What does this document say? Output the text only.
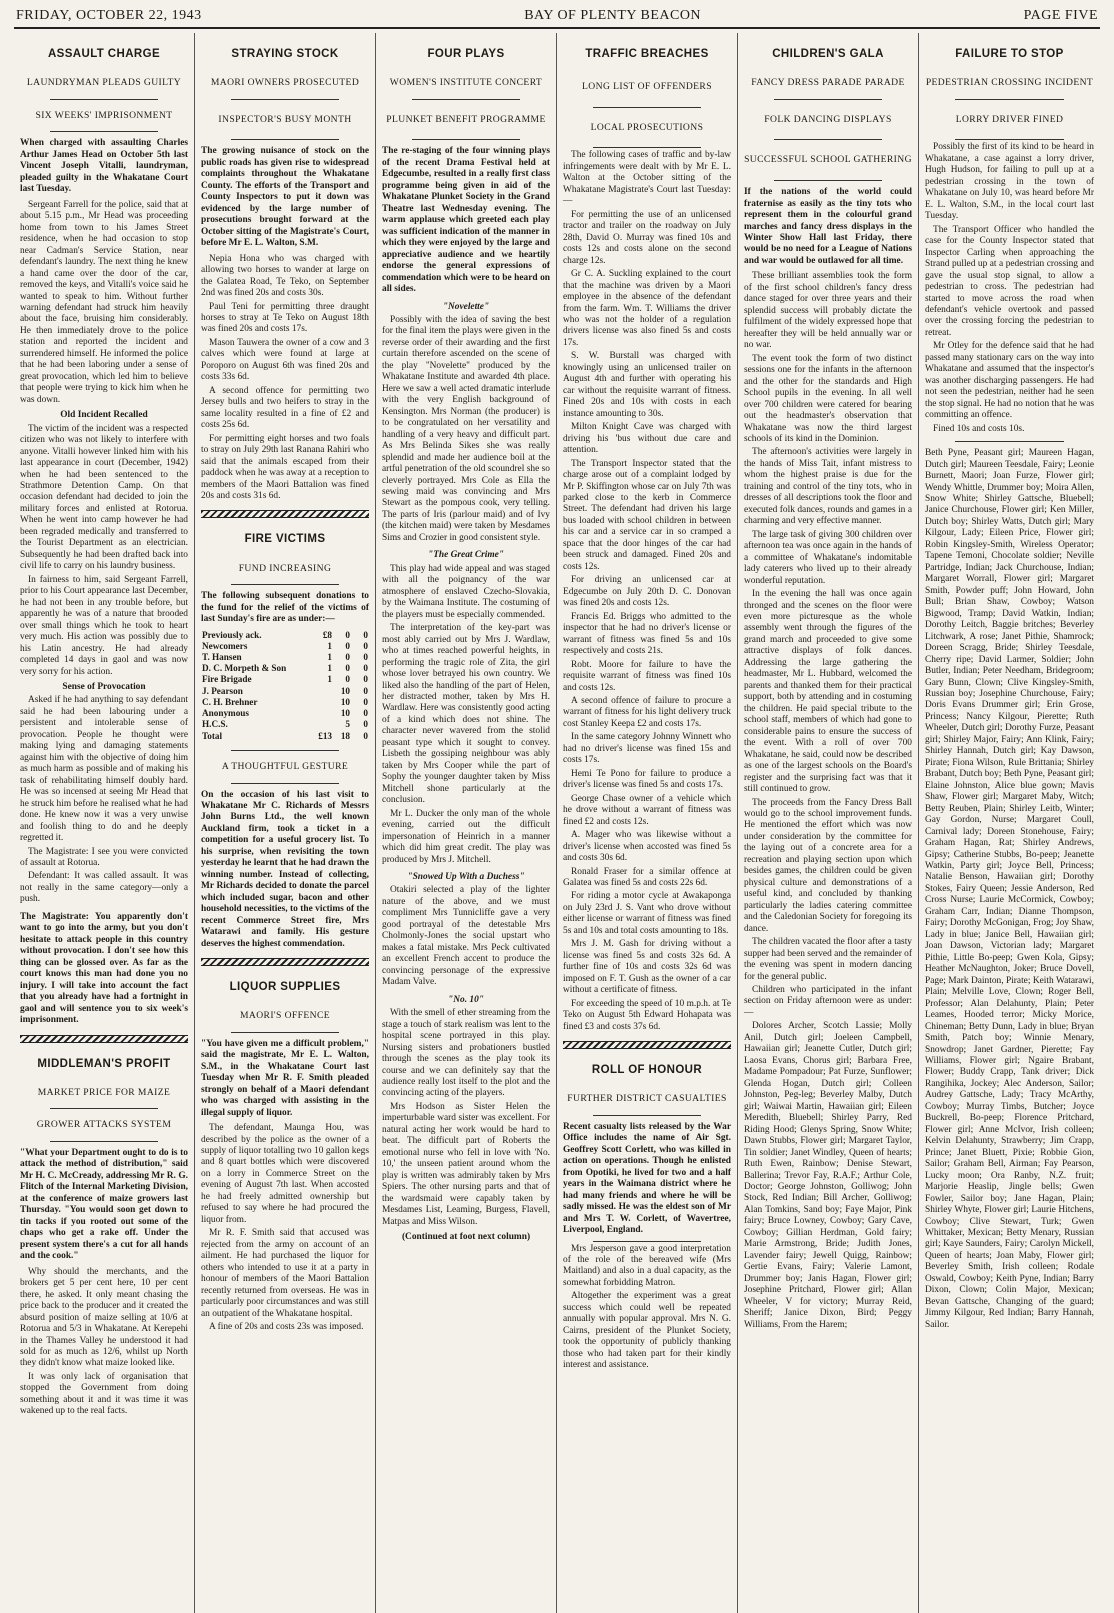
FRIDAY, OCTOBER 22, 1943	BAY OF PLENTY BEACON	PAGE FIVE
ASSAULT CHARGE
LAUNDRYMAN PLEADS GUILTY
SIX WEEKS' IMPRISONMENT
When charged with assaulting Charles Arthur James Head on October 5th last Vincent Joseph Vitalli, laundryman, pleaded guilty in the Whakatane Court last Tuesday.

Sergeant Farrell for the police, said that at about 5.15 p.m., Mr Head was proceeding home from town to his James Street residence, when he had occasion to stop near Cadman's Service Station, near defendant's laundry. The next thing he knew a hand came over the door of the car, removed the keys, and Vitalli's voice said he wanted to speak to him. Without further warning defendant had struck him heavily about the face, bruising him considerably. He then immediately drove to the police station and reported the incident and surrendered himself. He informed the police that he had been laboring under a sense of great provocation, which led him to believe that people were trying to kick him when he was down.

Old Incident Recalled

The victim of the incident was a respected citizen who was not likely to interfere with anyone. Vitalli however linked him with his last appearance in court (December, 1942) when he had been sentenced to the Strathmore Detention Camp. On that occasion defendant had decided to join the military forces and enlisted at Rotorua. When he went into camp however he had been regraded medically and transferred to the Tourist Department as an electrician. Subsequently he had been drafted back into civil life to carry on his laundry business.

In fairness to him, said Sergeant Farrell, prior to his Court appearance last December, he had not been in any trouble before, but apparently he was of a nature that brooded over small things which he took to heart very much. His action was possibly due to his Latin ancestry. He had already completed 14 days in gaol and was now very sorry for his action.

Sense of Provocation

Asked if he had anything to say defendant said he had been labouring under a persistent and intolerable sense of provocation. People he thought were making lying and damaging statements against him with the objective of doing him as much harm as possible and of making his task of rehabilitating himself doubly hard. He was so incensed at seeing Mr Head that he struck him before he realised what he had done. He knew now it was a very unwise and foolish thing to do and he deeply regretted it.

The Magistrate: I see you were convicted of assault at Rotorua.

Defendant: It was called assault. It was not really in the same category—only a push.

The Magistrate: You apparently don't want to go into the army, but you don't hesitate to attack people in this country without provocation. I don't see how this thing can be glossed over. As far as the court knows this man had done you no injury. I will take into account the fact that you already have had a fortnight in gaol and will sentence you to six week's imprisonment.
MIDDLEMAN'S PROFIT
MARKET PRICE FOR MAIZE
GROWER ATTACKS SYSTEM
"What your Department ought to do is to attack the method of distribution," said Mr H. C. McCready, addressing Mr R. G. Flitch of the Internal Marketing Division, at the conference of maize growers last Thursday. "You would soon get down to tin tacks if you rooted out some of the chaps who get a rake off. Under the present system there's a cut for all hands and the cook."

Why should the merchants, and the brokers get 5 per cent here, 10 per cent there, he asked. It only meant chasing the price back to the producer and it created the absurd position of maize selling at 10/6 at Rotorua and 5/3 in Whakatane. At Kerepehi in the Thames Valley he understood it had sold for as much as 12/6, whilst up North they didn't know what maize looked like.

It was only lack of organisation that stopped the Government from doing something about it and it was time it was wakened up to the real facts.

STRAYING STOCK
MAORI OWNERS PROSECUTED
INSPECTOR'S BUSY MONTH
The growing nuisance of stock on the public roads has given rise to widespread complaints throughout the Whakatane County. The efforts of the Transport and County Inspectors to put it down was evidenced by the large number of prosecutions brought forward at the October sitting of the Magistrate's Court, before Mr E. L. Walton, S.M.

Nepia Hona who was charged with allowing two horses to wander at large on the Galatea Road, Te Teko, on September 2nd was fined 20s and costs 30s.

Paul Teni for permitting three draught horses to stray at Te Teko on August 18th was fined 20s and costs 17s.

Mason Tauwera the owner of a cow and 3 calves which were found at large at Poroporo on August 6th was fined 20s and costs 33s 6d.

A second offence for permitting two Jersey bulls and two heifers to stray in the same locality resulted in a fine of £2 and costs 25s 6d.

For permitting eight horses and two foals to stray on July 29th last Ranana Rahiri who said that the animals escaped from their paddock when he was away at a reception to members of the Maori Battalion was fined 20s and costs 31s 6d.

FIRE VICTIMS
FUND INCREASING
The following subsequent donations to the fund for the relief of the victims of last Sunday's fire are as under:—
Previously ack.	£8	0	0
Newcomers	1	0	0
T. Hansen	1	0	0
D. C. Morpeth & Son	1	0	0
Fire Brigade	1	0	0
J. Pearson		10	0
C. H. Brehner		10	0
Anonymous		10	0
H.C.S.		5	0
Total	£13	18	0
A THOUGHTFUL GESTURE
On the occasion of his last visit to Whakatane Mr C. Richards of Messrs John Burns Ltd., the well known Auckland firm, took a ticket in a competition for a useful grocery list. To his surprise, when revisiting the town yesterday he learnt that he had drawn the winning number. Instead of collecting, Mr Richards decided to donate the parcel which included sugar, bacon and other household necessities, to the victims of the recent Commerce Street fire, Mrs Watarawi and family. His gesture deserves the highest commendation.
LIQUOR SUPPLIES
MAORI'S OFFENCE
"You have given me a difficult problem," said the magistrate, Mr E. L. Walton, S.M., in the Whakatane Court last Tuesday when Mr R. F. Smith pleaded strongly on behalf of a Maori defendant who was charged with assisting in the illegal supply of liquor.

The defendant, Maunga Hou, was described by the police as the owner of a supply of liquor totalling two 10 gallon kegs and 8 quart bottles which were discovered on a lorry in Commerce Street on the evening of August 7th last. When accosted he had freely admitted ownership but refused to say where he had procured the liquor from.

Mr R. F. Smith said that accused was rejected from the army on account of an ailment. He had purchased the liquor for others who intended to use it at a party in honour of members of the Maori Battalion recently returned from overseas. He was in particularly poor circumstances and was still an outpatient of the Whakatane hospital.

A fine of 20s and costs 23s was imposed.

FOUR PLAYS
WOMEN'S INSTITUTE CONCERT
PLUNKET BENEFIT PROGRAMME
The re-staging of the four winning plays of the recent Drama Festival held at Edgecumbe, resulted in a really first class programme being given in aid of the Whakatane Plunket Society in the Grand Theatre last Wednesday evening. The warm applause which greeted each play was sufficient indication of the manner in which they were enjoyed by the large and appreciative audience and we heartily endorse the general expressions of commendation which were to be heard on all sides.
"Novelette"

Possibly with the idea of saving the best for the final item the plays were given in the reverse order of their awarding and the first curtain therefore ascended on the scene of the play "Novelette" produced by the Whakatane Institute and awarded 4th place. Here we saw a well acted dramatic interlude with the very English background of Kensington. Mrs Norman (the producer) is to be congratulated on her versatility and handling of a very heavy and difficult part. As Mrs Belinda Sikes she was really splendid and made her audience boil at the artful penetration of the old scoundrel she so cleverly portrayed. Mrs Cole as Ella the sewing maid was convincing and Mrs Stewart as the pompous cook, very telling. The parts of Iris (parlour maid) and of Ivy (the kitchen maid) were taken by Mesdames Sims and Crozier in good consistent style.

"The Great Crime"

This play had wide appeal and was staged with all the poignancy of the war atmosphere of enslaved Czecho-Slovakia, by the Waimana Institute. The costuming of the players must be especially commended.

The interpretation of the key-part was most ably carried out by Mrs J. Wardlaw, who at times reached powerful heights, in performing the tragic role of Zita, the girl whose lover betrayed his own country. We liked also the handling of the part of Helen, her distracted mother, taken by Mrs H. Wardlaw. Here was consistently good acting of a kind which does not shine. The character never wavered from the stolid peasant type which it sought to convey. Lisbeth the gossiping neighbour was ably taken by Mrs Cooper while the part of Sophy the younger daughter taken by Miss Mitchell shone particularly at the conclusion.

Mr L. Ducker the only man of the whole evening, carried out the difficult impersonation of Heinrich in a manner which did him great credit. The play was produced by Mrs J. Mitchell.

"Snowed Up With a Duchess"

Otakiri selected a play of the lighter nature of the above, and we must compliment Mrs Tunnicliffe gave a very good portrayal of the detestable Mrs Cholmonly-Jones the social upstart who makes a fatal mistake. Mrs Peck cultivated an excellent French accent to produce the convincing personage of the expressive Madam Valve.

"No. 10"

With the smell of ether streaming from the stage a touch of stark realism was lent to the hospital scene portrayed in this play. Nursing sisters and probationers bustled through the scenes as the play took its course and we can definitely say that the audience really lost itself to the plot and the convincing acting of the players.

Mrs Hodson as Sister Helen the imperturbable ward sister was excellent. For natural acting her work would be hard to beat. The difficult part of Roberts the emotional nurse who fell in love with 'No. 10,' the unseen patient around whom the play is written was admirably taken by Mrs Spiers. The other nursing parts and that of the wardsmaid were capably taken by Mesdames List, Leaming, Burgess, Flavell, Matpas and Miss Wilson.

(Continued at foot next column)
TRAFFIC BREACHES
LONG LIST OF OFFENDERS
LOCAL PROSECUTIONS

The following cases of traffic and by-law infringements were dealt with by Mr E. L. Walton at the October sitting of the Whakatane Magistrate's Court last Tuesday:—

For permitting the use of an unlicensed tractor and trailer on the roadway on July 28th, David O. Murray was fined 10s and costs 12s and costs alone on the second charge 12s.

Gr C. A. Suckling explained to the court that the machine was driven by a Maori employee in the absence of the defendant from the farm. Wm. T. Williams the driver who was not the holder of a regulation drivers license was also fined 5s and costs 17s.

S. W. Burstall was charged with knowingly using an unlicensed trailer on August 4th and further with operating his car without the requisite warrant of fitness. Fined 20s and 10s with costs in each instance amounting to 30s.

Milton Knight Cave was charged with driving his 'bus without due care and attention.

The Transport Inspector stated that the charge arose out of a complaint lodged by Mr P. Skiffington whose car on July 7th was parked close to the kerb in Commerce Street. The defendant had driven his large bus loaded with school children in between his car and a service car in so cramped a space that the door hinges of the car had been struck and damaged. Fined 20s and costs 12s.

For driving an unlicensed car at Edgecumbe on July 20th D. C. Donovan was fined 20s and costs 12s.

Francis Ed. Briggs who admitted to the inspector that he had no driver's license or warrant of fitness was fined 5s and 10s respectively and costs 21s.

Robt. Moore for failure to have the requisite warrant of fitness was fined 10s and costs 12s.

A second offence of failure to procure a warrant of fitness for his light delivery truck cost Stanley Keepa £2 and costs 17s.

In the same category Johnny Winnett who had no driver's license was fined 15s and costs 17s.

Hemi Te Pono for failure to produce a driver's license was fined 5s and costs 17s.

George Chase owner of a vehicle which he drove without a warrant of fitness was fined £2 and costs 12s.

A. Mager who was likewise without a driver's license when accosted was fined 5s and costs 30s 6d.

Ronald Fraser for a similar offence at Galatea was fined 5s and costs 22s 6d.

For riding a motor cycle at Awakaponga on July 23rd J. S. Vant who drove without either license or warrant of fitness was fined 5s and 10s and total costs amounting to 18s.

Mrs J. M. Gash for driving without a license was fined 5s and costs 32s 6d. A further fine of 10s and costs 32s 6d was imposed on F. T. Gush as the owner of a car without a certificate of fitness.

For exceeding the speed of 10 m.p.h. at Te Teko on August 5th Edward Hohapata was fined £3 and costs 37s 6d.

ROLL OF HONOUR
FURTHER DISTRICT CASUALTIES
Recent casualty lists released by the War Office includes the name of Air Sgt. Geoffrey Scott Corlett, who was killed in action on operations. Though he enlisted from Opotiki, he lived for two and a half years in the Waimana district where he had many friends and where he will be sadly missed. He was the eldest son of Mr and Mrs T. W. Corlett, of Wavertree, Liverpool, England.

Mrs Jesperson gave a good interpretation of the role of the bereaved wife (Mrs Maitland) and also in a dual capacity, as the somewhat forbidding Matron.

Altogether the experiment was a great success which could well be repeated annually with popular approval. Mrs N. G. Cairns, president of the Plunket Society, took the opportunity of publicly thanking those who had taken part for their kindly interest and assistance.

CHILDREN'S GALA
FANCY DRESS PARADE PARADE
FOLK DANCING DISPLAYS
SUCCESSFUL SCHOOL GATHERING
If the nations of the world could fraternise as easily as the tiny tots who represent them in the colourful grand marches and fancy dress displays in the Winter Show Hall last Friday, there would be no need for a League of Nations and war would be outlawed for all time.

These brilliant assemblies took the form of the first school children's fancy dress dance staged for over three years and their splendid success will probably dictate the fulfilment of the widely expressed hope that hereafter they will be held annually war or no war.

The event took the form of two distinct sessions one for the infants in the afternoon and the other for the standards and High School pupils in the evening. In all well over 700 children were catered for bearing out the headmaster's observation that Whakatane was now the third largest schools of its kind in the Dominion.

The afternoon's activities were largely in the hands of Miss Tait, infant mistress to whom the highest praise is due for the training and control of the tiny tots, who in dresses of all descriptions took the floor and executed folk dances, rounds and games in a charming and very effective manner.

The large task of giving 300 children over afternoon tea was once again in the hands of a committee of Whakatane's indomitable lady caterers who lived up to their already wonderful reputation.

In the evening the hall was once again thronged and the scenes on the floor were even more picturesque as the whole assembly went through the figures of the grand march and proceeded to give some attractive displays of folk dances. Addressing the large gathering the headmaster, Mr L. Hubbard, welcomed the parents and thanked them for their practical support, both by attending and in costuming the children. He paid special tribute to the school staff, members of which had gone to considerable pains to ensure the success of the event. With a roll of over 700 Whakatane, he said, could now be described as one of the largest schools on the Board's register and the surprising fact was that it still continued to grow.

The proceeds from the Fancy Dress Ball would go to the school improvement funds. He mentioned the effort which was now under consideration by the committee for the laying out of a concrete area for a recreation and playing section upon which besides games, the children could be given physical culture and demonstrations of a useful kind, and concluded by thanking particularly the ladies catering committee and the Caledonian Society for foregoing its dance.

The children vacated the floor after a tasty supper had been served and the remainder of the evening was spent in modern dancing for the general public.

Children who participated in the infant section on Friday afternoon were as under:—

Dolores Archer, Scotch Lassie; Molly Anil, Dutch girl; Joeleen Campbell, Hawaiian girl; Jeanette Cutler, Dutch girl; Laosa Evans, Chorus girl; Barbara Free, Madame Pompadour; Pat Furze, Sunflower; Glenda Hogan, Dutch girl; Colleen Johnston, Peg-leg; Beverley Malby, Dutch girl; Waiwai Martin, Hawaiian girl; Eileen Meredith, Bluebell; Shirley Parry, Red Riding Hood; Glenys Spring, Snow White; Dawn Stubbs, Flower girl; Margaret Taylor, Tin soldier; Janet Windley, Queen of hearts; Ruth Ewen, Rainbow; Denise Stewart, Ballerina; Trevor Fay, R.A.F.; Arthur Cole, Doctor; George Johnston, Golliwog; John Stock, Red Indian; Bill Archer, Golliwog; Alan Tomkins, Sand boy; Faye Major, Pink fairy; Bruce Lowney, Cowboy; Gary Cave, Cowboy; Gillian Herdman, Gold fairy; Marie Armstrong, Bride; Judith Jones, Lavender fairy; Jewell Quigg, Rainbow; Gertie Evans, Fairy; Valerie Lamont, Drummer boy; Janis Hagan, Flower girl; Josephine Pritchard, Flower girl; Allan Wheeler, V for victory; Murray Reid, Sheriff; Janice Dixon, Bird; Peggy Williams, From the Harem;

FAILURE TO STOP
PEDESTRIAN CROSSING INCIDENT
LORRY DRIVER FINED

Possibly the first of its kind to be heard in Whakatane, a case against a lorry driver, Hugh Hudson, for failing to pull up at a pedestrian crossing in the town of Whakatane on July 10, was heard before Mr E. L. Walton, S.M., in the local court last Tuesday.

The Transport Officer who handled the case for the County Inspector stated that Inspector Carling when approaching the Strand pulled up at a pedestrian crossing and gave the usual stop signal, to allow a pedestrian to cross. The pedestrian had started to move across the road when defendant's vehicle overtook and passed over the crossing forcing the pedestrian to retreat.

Mr Otley for the defence said that he had passed many stationary cars on the way into Whakatane and assumed that the inspector's was another discharging passengers. He had not seen the pedestrian, neither had he seen the stop signal. He had no notion that he was committing an offence.

Fined 10s and costs 10s.

Beth Pyne, Peasant girl; Maureen Hagan, Dutch girl; Maureen Teesdale, Fairy; Leonie Burnett, Maori; Joan Furze, Flower girl; Wendy Whittle, Drummer boy; Moira Allen, Snow White; Shirley Gattsche, Bluebell; Janice Churchouse, Flower girl; Ken Miller, Dutch boy; Shirley Watts, Dutch girl; Mary Kilgour, Lady; Eileen Price, Flower girl; Robin Kingsley-Smith, Wireless Operator; Tapene Temoni, Chocolate soldier; Neville Partridge, Indian; Jack Churchouse, Indian; Margaret Worrall, Flower girl; Margaret Smith, Powder puff; John Howard, John Bull; Brian Shaw, Cowboy; Watson Bigwood, Tramp; David Watkin, Indian; Dorothy Leitch, Baggie britches; Beverley Litchwark, A rose; Janet Pithie, Shamrock; Doreen Scragg, Bride; Shirley Teesdale, Cherry ripe; David Larmer, Soldier; John Butler, Indian; Peter Needham, Bridegroom; Gary Bunn, Clown; Clive Kingsley-Smith, Russian boy; Josephine Churchouse, Fairy; Doris Evans Drummer girl; Erin Grose, Princess; Nancy Kilgour, Pierette; Ruth Wheeler, Dutch girl; Dorothy Furze, Peasant girl; Shirley Major, Fairy; Ann Klink, Fairy; Shirley Hannah, Dutch girl; Kay Dawson, Pirate; Fiona Wilson, Rule Brittania; Shirley Brabant, Dutch boy; Beth Pyne, Peasant girl; Elaine Johnston, Alice blue gown; Mavis Shaw, Flower girl; Margaret Maby, Witch; Betty Reuben, Plain; Shirley Leitb, Winter; Gay Gordon, Nurse; Margaret Coull, Carnival lady; Doreen Stonehouse, Fairy; Graham Hagan, Rat; Shirley Andrews, Gipsy; Catherine Stubbs, Bo-peep; Jeanette Watkin, Party girl; Joyce Bell, Princess; Natalie Benson, Hawaiian girl; Dorothy Stokes, Fairy Queen; Jessie Anderson, Red Cross Nurse; Laurie McCormick, Cowboy; Graham Carr, Indian; Dianne Thompson, Fairy; Dorothy McGonigan, Frog; Joy Shaw, Lady in blue; Janice Bell, Hawaiian girl; Joan Dawson, Victorian lady; Margaret Pithie, Little Bo-peep; Gwen Kola, Gipsy; Heather McNaughton, Joker; Bruce Dovell, Page; Mark Dainton, Pirate; Keith Watarawi, Plain; Melville Love, Clown; Roger Bell, Professor; Alan Delahunty, Plain; Peter Leames, Hooded terror; Micky Morice, Chineman; Betty Dunn, Lady in blue; Bryan Smith, Patch boy; Winnie Menary, Snowdrop; Janet Gardner, Pierette; Fay Williams, Flower girl; Ngaire Brabant, Flower; Buddy Crapp, Tank driver; Dick Rangihika, Jockey; Alec Anderson, Sailor; Audrey Gattsche, Lady; Tracy McArthy, Cowboy; Murray Timbs, Butcher; Joyce Buckrell, Bo-peep; Florence Pritchard, Flower girl; Anne McIvor, Irish colleen; Kelvin Delahunty, Strawberry; Jim Crapp, Prince; Janet Bluett, Pixie; Robbie Gion, Sailor; Graham Bell, Airman; Fay Pearson, Lucky moon; Ora Ranby, N.Z. fruit; Marjorie Heaslip, Jingle bells; Gwen Fowler, Sailor boy; Jane Hagan, Plain; Shirley Whyte, Flower girl; Laurie Hitchens, Cowboy; Clive Stewart, Turk; Gwen Whittaker, Mexican; Betty Menary, Russian girl; Kaye Saunders, Fairy; Carolyn Mickell, Queen of hearts; Joan Maby, Flower girl; Beverley Smith, Irish colleen; Rodale Oswald, Cowboy; Keith Pyne, Indian; Barry Dixon, Clown; Colin Major, Mexican; Bevan Gattsche, Changing of the guard; Jimmy Kilgour, Red Indian; Barry Hannah, Sailor.
